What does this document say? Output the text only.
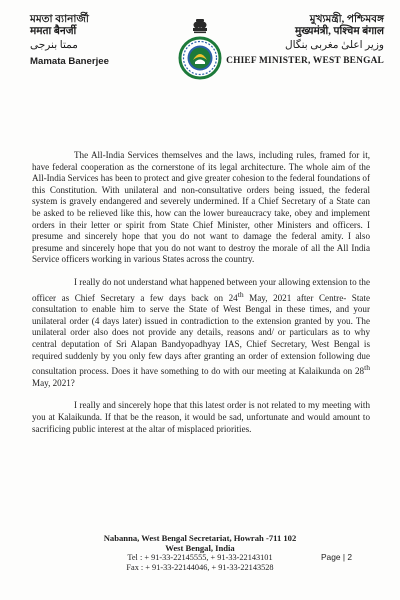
মমতা ব্যানার্জী
ममता बैनर्जी
ممتا بنرجی
Mamata Banerjee
মুখ্যমন্ত্রী, পশ্চিমবঙ্গ
मुख्यमंत्री, पश्चिम बंगाल
وزیر اعلیٰ مغربی بنگال
CHIEF MINISTER, WEST BENGAL

The All-India Services themselves and the laws, including rules, framed for it, have federal cooperation as the cornerstone of its legal architecture. The whole aim of the All-India Services has been to protect and give greater cohesion to the federal foundations of this Constitution. With unilateral and non-consultative orders being issued, the federal system is gravely endangered and severely undermined. If a Chief Secretary of a State can be asked to be relieved like this, how can the lower bureaucracy take, obey and implement orders in their letter or spirit from State Chief Minister, other Ministers and officers. I presume and sincerely hope that you do not want to damage the federal amity. I also presume and sincerely hope that you do not want to destroy the morale of all the All India Service officers working in various States across the country.

I really do not understand what happened between your allowing extension to the officer as Chief Secretary a few days back on 24th May, 2021 after Centre- State consultation to enable him to serve the State of West Bengal in these times, and your unilateral order (4 days later) issued in contradiction to the extension granted by you. The unilateral order also does not provide any details, reasons and/ or particulars as to why central deputation of Sri Alapan Bandyopadhyay IAS, Chief Secretary, West Bengal is required suddenly by you only few days after granting an order of extension following due consultation process. Does it have something to do with our meeting at Kalaikunda on 28th May, 2021?

I really and sincerely hope that this latest order is not related to my meeting with you at Kalaikunda. If that be the reason, it would be sad, unfortunate and would amount to sacrificing public interest at the altar of misplaced priorities.

Nabanna, West Bengal Secretariat, Howrah -711 102
West Bengal, India
Tel : + 91-33-22145555, + 91-33-22143101
Fax : + 91-33-22144046, + 91-33-22143528
Page | 2
